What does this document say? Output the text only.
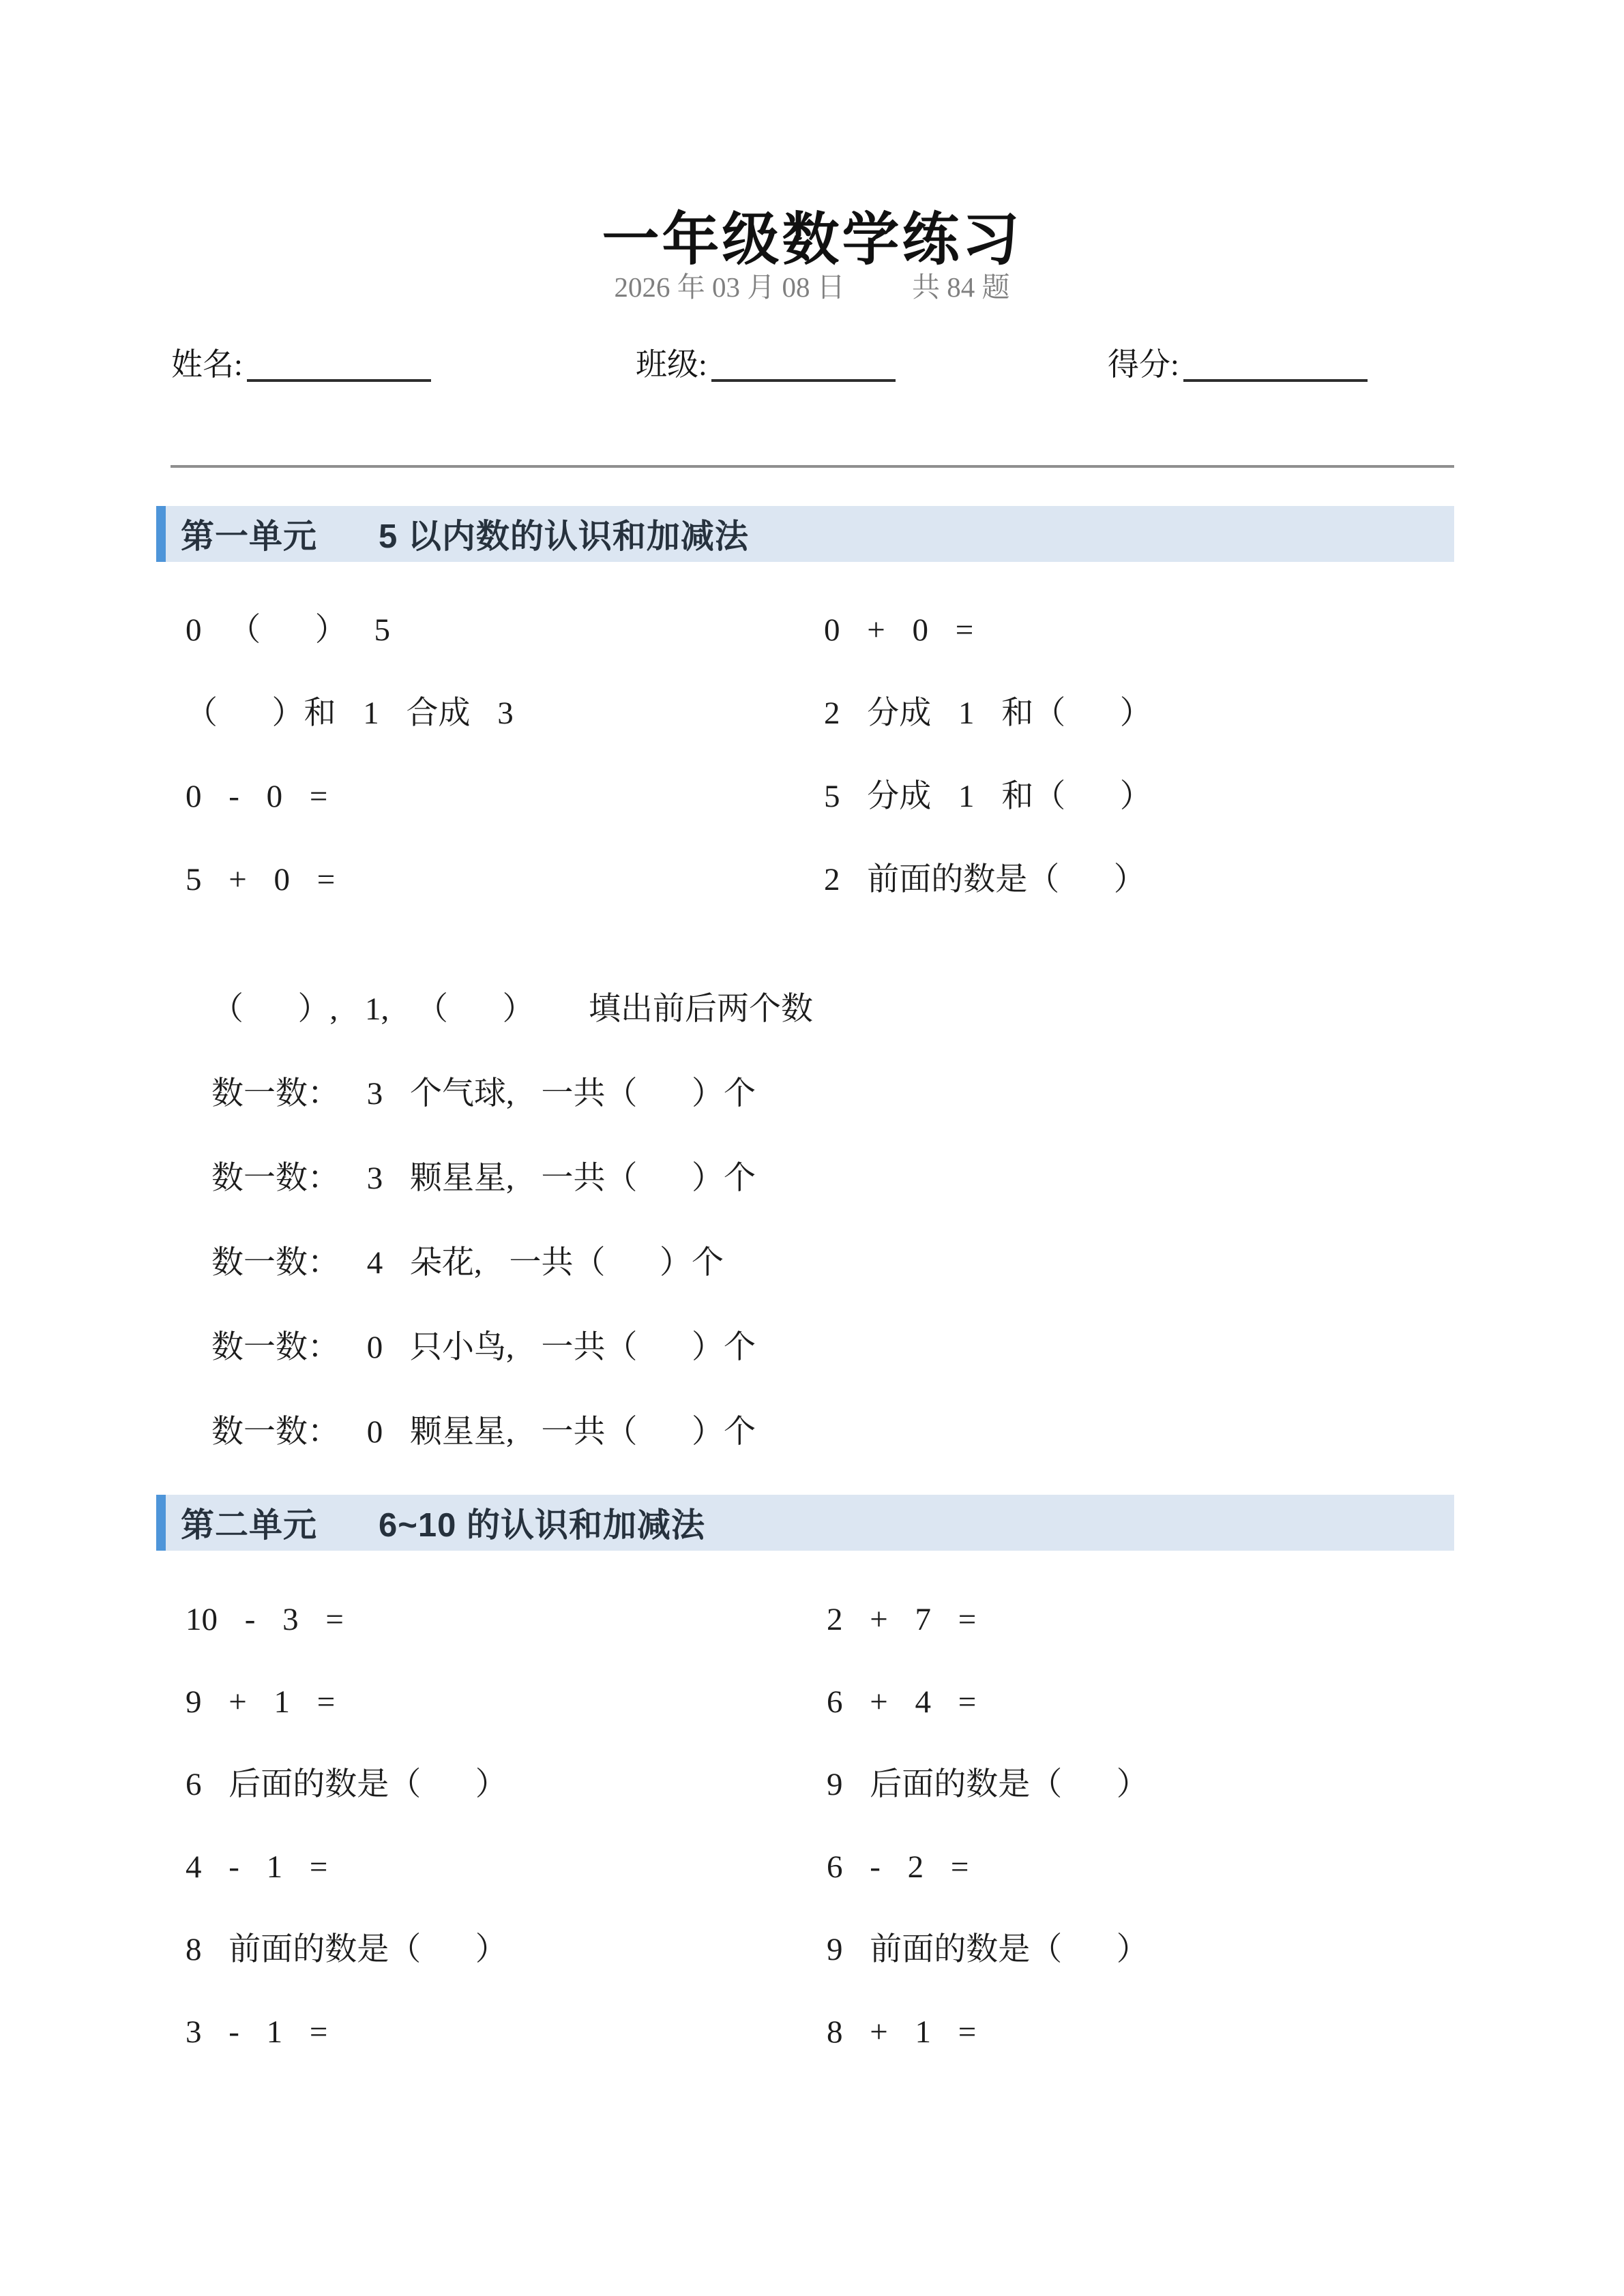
一年级数学练习
2026 年 03 月 08 日 共 84 题
姓名:	班级:	得分:
第一单元 5 以内数的认识和加减法
0 （  ） 5
（  ）和 1 合成 3
0 - 0 =
5 + 0 =
0 + 0 =
2 分成 1 和（  ）
5 分成 1 和（  ）
2 前面的数是（  ）
（  ）, 1, （  ）  填出前后两个数
数一数： 3 个气球, 一共（  ）个
数一数： 3 颗星星, 一共（  ）个
数一数： 4 朵花, 一共（  ）个
数一数： 0 只小鸟, 一共（  ）个
数一数： 0 颗星星, 一共（  ）个
第二单元 6~10 的认识和加减法
10 - 3 =
9 + 1 =
6 后面的数是（  ）
4 - 1 =
8 前面的数是（  ）
3 - 1 =
2 + 7 =
6 + 4 =
9 后面的数是（  ）
6 - 2 =
9 前面的数是（  ）
8 + 1 =
